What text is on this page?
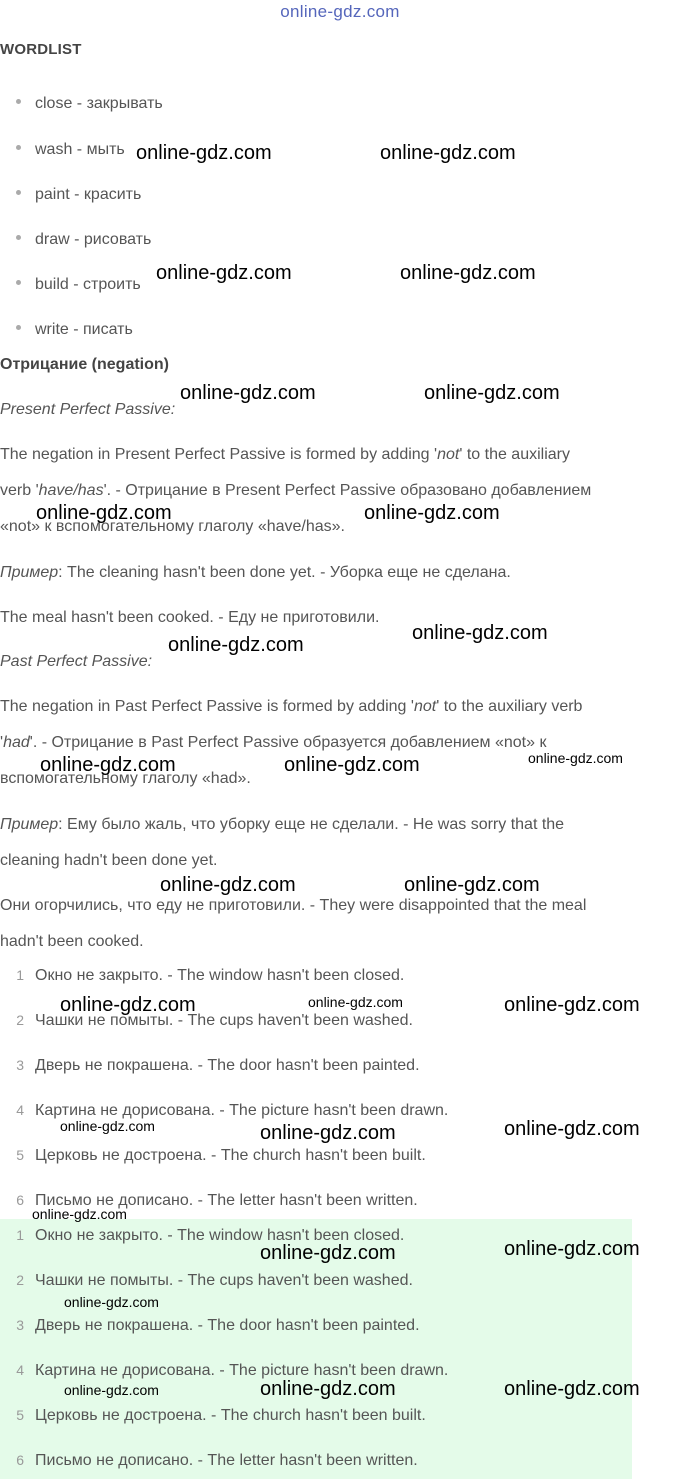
online-gdz.com
WORDLIST
close - закрывать
wash - мыть
paint - красить
draw - рисовать
build - строить
write - писать
Отрицание (negation)
Present Perfect Passive:
The negation in Present Perfect Passive is formed by adding 'not' to the auxiliary
verb 'have/has'. - Отрицание в Present Perfect Passive образовано добавлением
«not» к вспомогательному глаголу «have/has».
Пример: The cleaning hasn't been done yet. - Уборка еще не сделана.
The meal hasn't been cooked. - Еду не приготовили.
Past Perfect Passive:
The negation in Past Perfect Passive is formed by adding 'not' to the auxiliary verb
'had'. - Отрицание в Past Perfect Passive образуется добавлением «not» к
вспомогательному глаголу «had».
Пример: Ему было жаль, что уборку еще не сделали. - He was sorry that the
cleaning hadn't been done yet.
Они огорчились, что еду не приготовили. - They were disappointed that the meal
hadn't been cooked.
1 Окно не закрыто. - The window hasn't been closed.
2 Чашки не помыты. - The cups haven't been washed.
3 Дверь не покрашена. - The door hasn't been painted.
4 Картина не дорисована. - The picture hasn't been drawn.
5 Церковь не достроена. - The church hasn't been built.
6 Письмо не дописано. - The letter hasn't been written.
1 Окно не закрыто. - The window hasn't been closed.
2 Чашки не помыты. - The cups haven't been washed.
3 Дверь не покрашена. - The door hasn't been painted.
4 Картина не дорисована. - The picture hasn't been drawn.
5 Церковь не достроена. - The church hasn't been built.
6 Письмо не дописано. - The letter hasn't been written.
online-gdz.com	online-gdz.com
online-gdz.com	online-gdz.com
online-gdz.com	online-gdz.com
online-gdz.com	online-gdz.com
online-gdz.com
online-gdz.com
online-gdz.com	online-gdz.com	online-gdz.com
online-gdz.com	online-gdz.com
online-gdz.com	online-gdz.com	online-gdz.com
online-gdz.com	online-gdz.com	online-gdz.com
online-gdz.com
online-gdz.com	online-gdz.com
online-gdz.com
online-gdz.com	online-gdz.com	online-gdz.com
